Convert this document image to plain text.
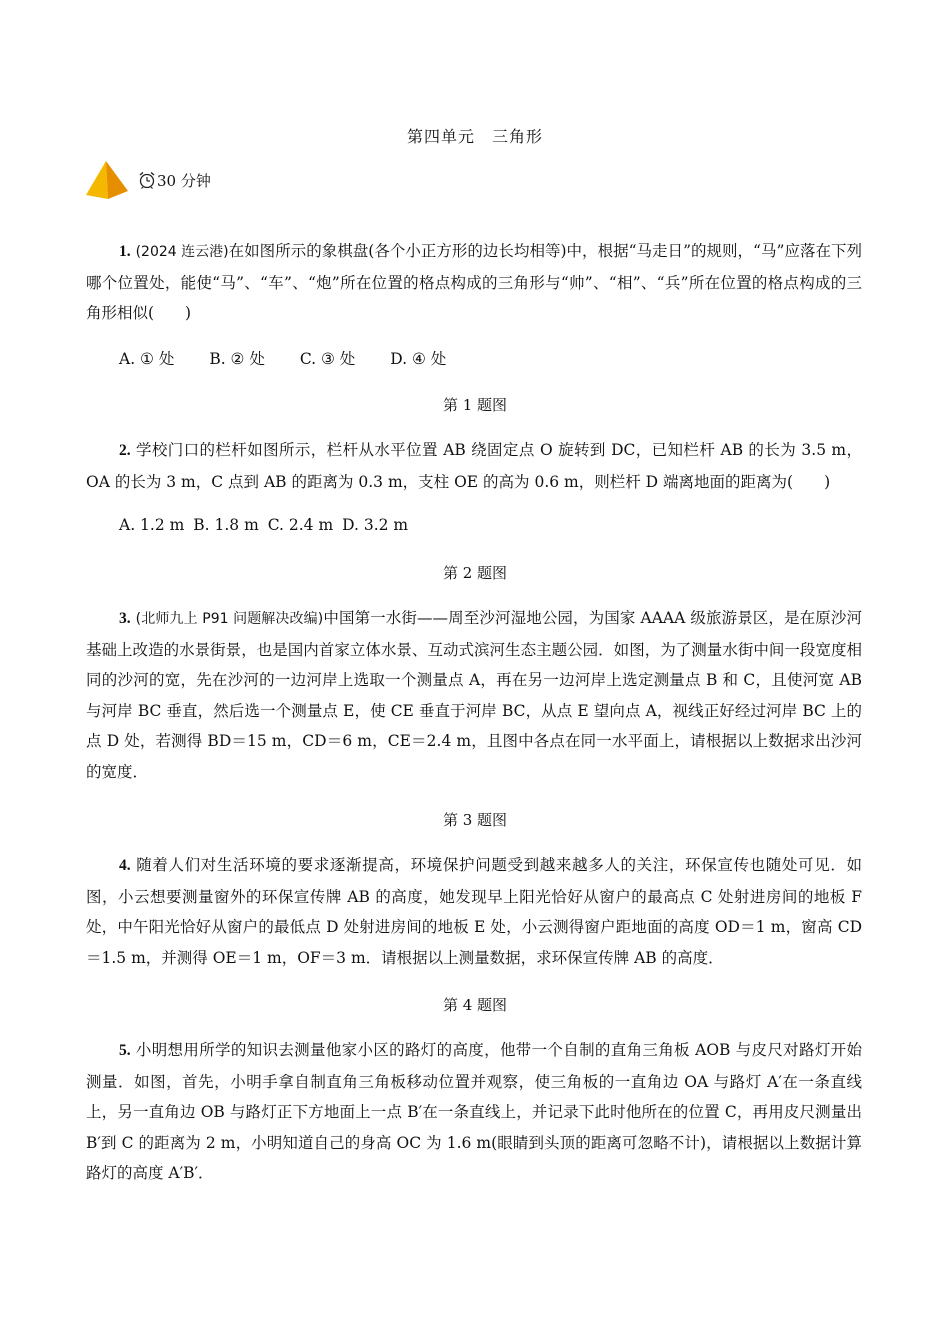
第四单元　三角形
30 分钟
1. (2024 连云港)在如图所示的象棋盘(各个小正方形的边长均相等)中，根据“马走日”的规则，“马”应落在下列哪个位置处，能使“马”、“车”、“炮”所在位置的格点构成的三角形与“帅”、“相”、“兵”所在位置的格点构成的三角形相似(　　)
A. ① 处 B. ② 处 C. ③ 处 D. ④ 处
第 1 题图
2. 学校门口的栏杆如图所示，栏杆从水平位置 AB 绕固定点 O 旋转到 DC，已知栏杆 AB 的长为 3.5 m，OA 的长为 3 m，C 点到 AB 的距离为 0.3 m，支柱 OE 的高为 0.6 m，则栏杆 D 端离地面的距离为(　　)
A. 1.2 m B. 1.8 m C. 2.4 m D. 3.2 m
第 2 题图
3. (北师九上 P91 问题解决改编)中国第一水街——周至沙河湿地公园，为国家 AAAA 级旅游景区，是在原沙河基础上改造的水景街景，也是国内首家立体水景、互动式滨河生态主题公园．如图，为了测量水街中间一段宽度相同的沙河的宽，先在沙河的一边河岸上选取一个测量点 A，再在另一边河岸上选定测量点 B 和 C，且使河宽 AB 与河岸 BC 垂直，然后选一个测量点 E，使 CE 垂直于河岸 BC，从点 E 望向点 A，视线正好经过河岸 BC 上的点 D 处，若测得 BD＝15 m，CD＝6 m，CE＝2.4 m，且图中各点在同一水平面上，请根据以上数据求出沙河的宽度．
第 3 题图
4. 随着人们对生活环境的要求逐渐提高，环境保护问题受到越来越多人的关注，环保宣传也随处可见．如图，小云想要测量窗外的环保宣传牌 AB 的高度，她发现早上阳光恰好从窗户的最高点 C 处射进房间的地板 F 处，中午阳光恰好从窗户的最低点 D 处射进房间的地板 E 处，小云测得窗户距地面的高度 OD＝1 m，窗高 CD＝1.5 m，并测得 OE＝1 m，OF＝3 m．请根据以上测量数据，求环保宣传牌 AB 的高度．
第 4 题图
5. 小明想用所学的知识去测量他家小区的路灯的高度，他带一个自制的直角三角板 AOB 与皮尺对路灯开始测量．如图，首先，小明手拿自制直角三角板移动位置并观察，使三角板的一直角边 OA 与路灯 A′在一条直线上，另一直角边 OB 与路灯正下方地面上一点 B′在一条直线上，并记录下此时他所在的位置 C，再用皮尺测量出 B′到 C 的距离为 2 m，小明知道自己的身高 OC 为 1.6 m(眼睛到头顶的距离可忽略不计)，请根据以上数据计算路灯的高度 A′B′．
